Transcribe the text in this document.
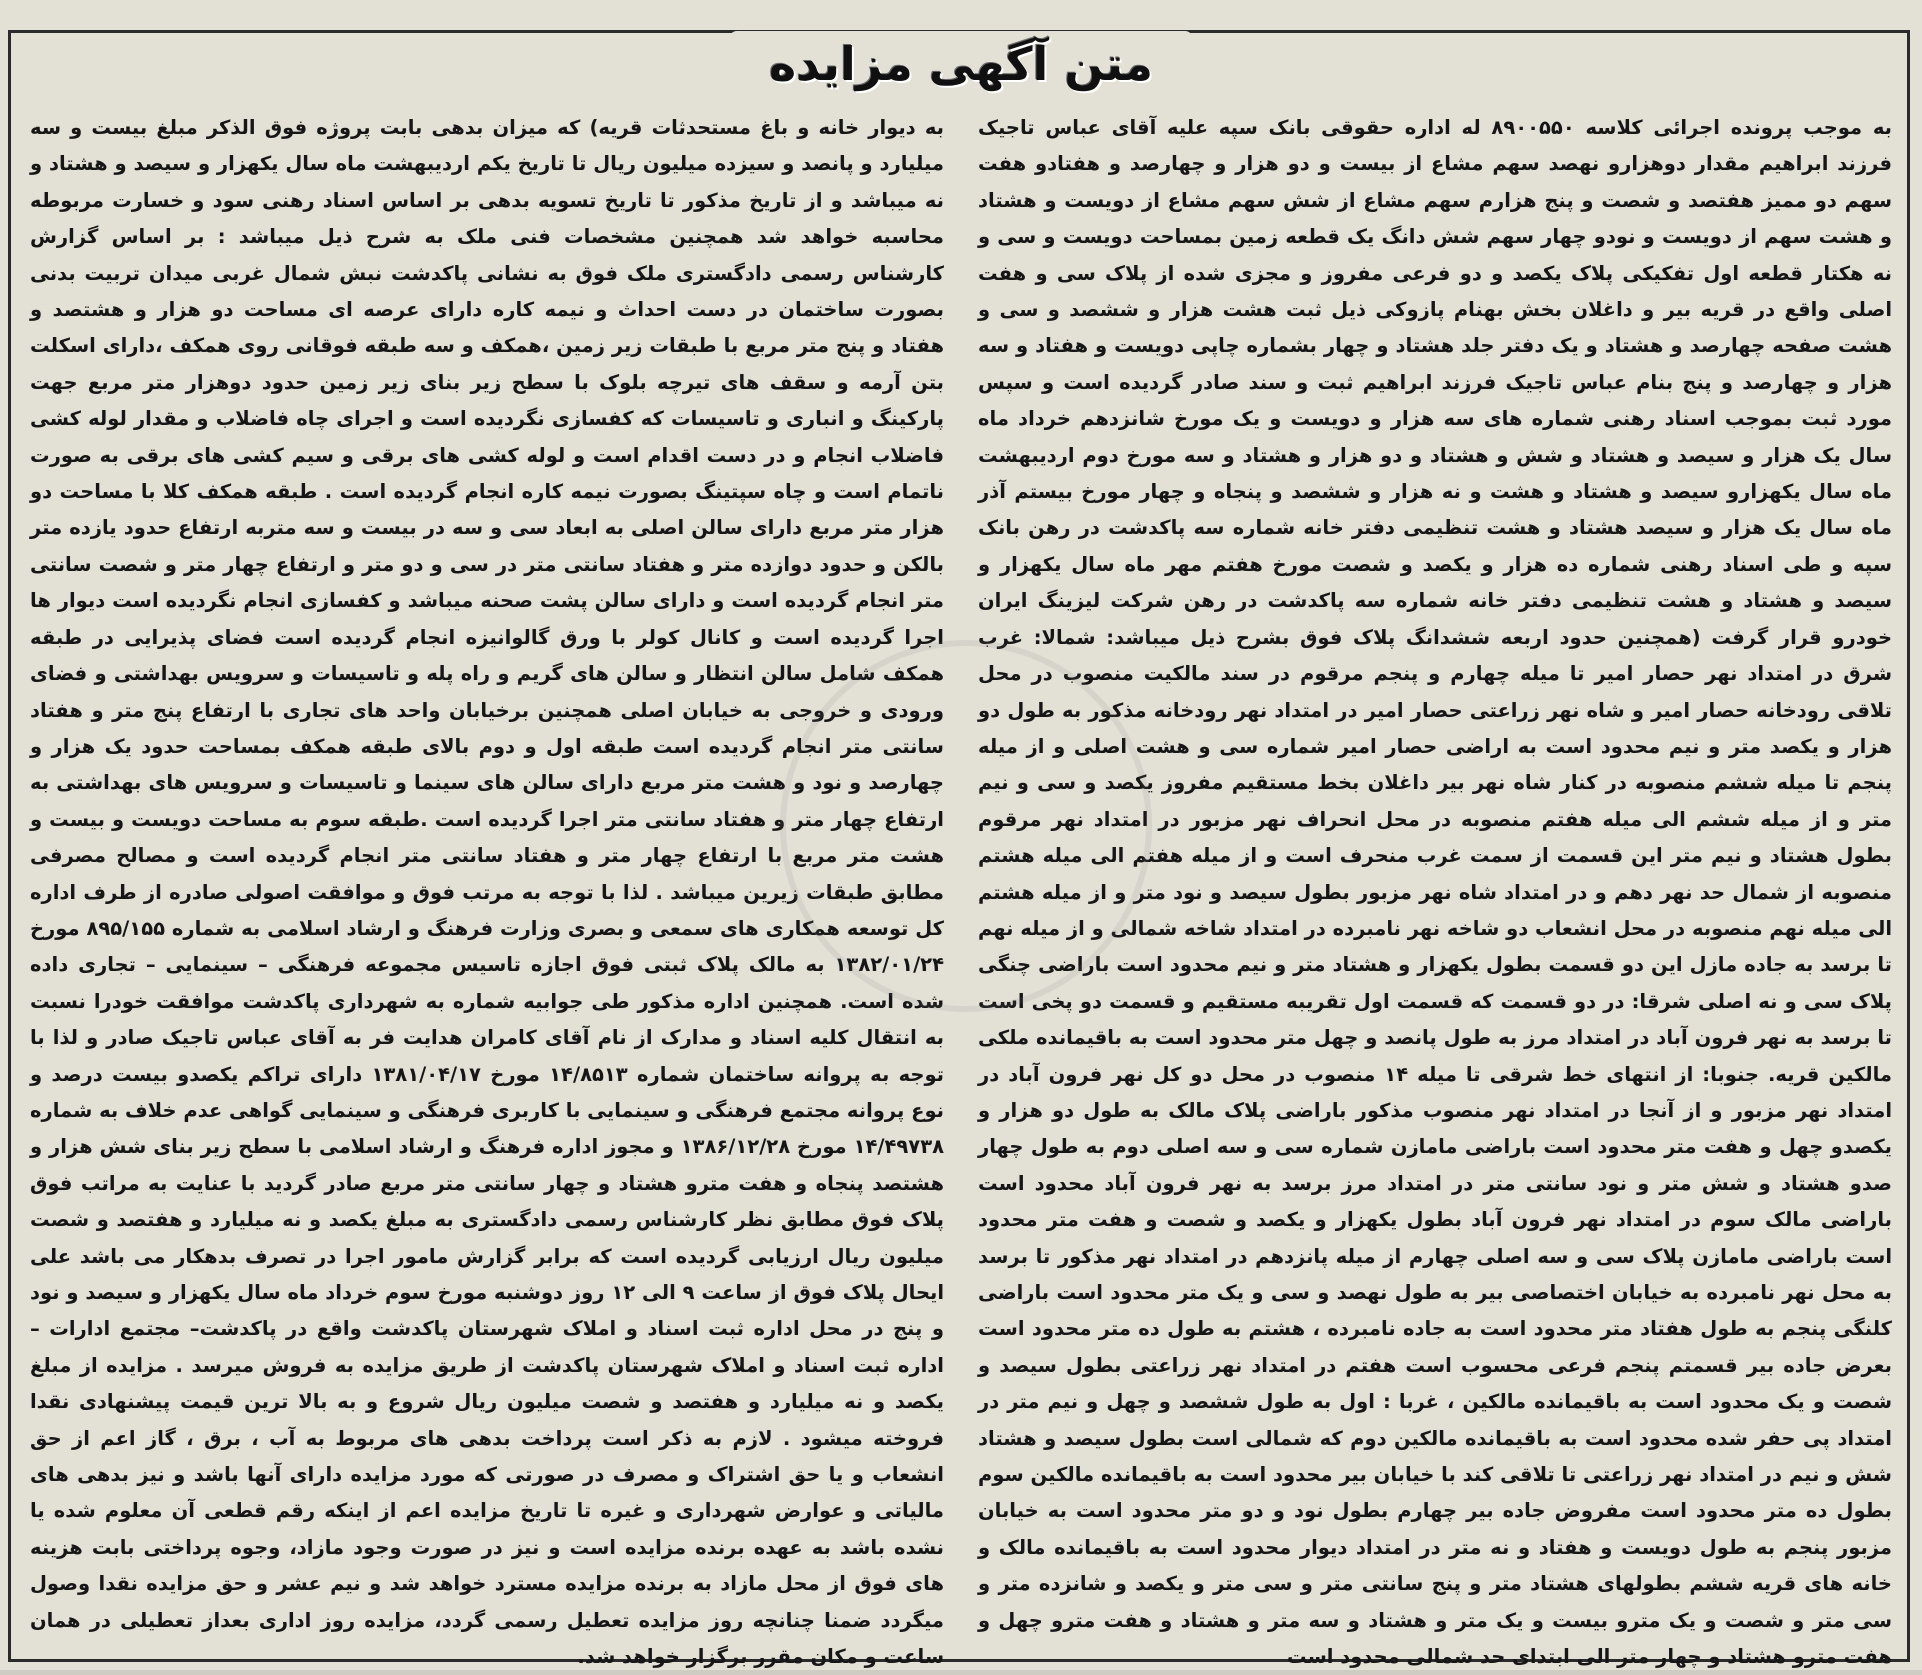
متن آگهی مزایده

به موجب پرونده اجرائی کلاسه ۸۹۰۰۵۵۰ له اداره حقوقی بانک سپه علیه آقای عباس تاجیک فرزند ابراهیم مقدار دوهزارو نهصد سهم مشاع از بیست و دو هزار و چهارصد و هفتادو هفت سهم دو ممیز هفتصد و شصت و پنج هزارم سهم مشاع از شش سهم مشاع از دویست و هشتاد و هشت سهم از دویست و نودو چهار سهم شش دانگ یک قطعه زمین بمساحت دویست و سی و نه هکتار قطعه اول تفکیکی پلاک یکصد و دو فرعی مفروز و مجزی شده از پلاک سی و هفت اصلی واقع در قریه بیر و داغلان بخش بهنام پازوکی ذیل ثبت هشت هزار و ششصد و سی و هشت صفحه چهارصد و هشتاد و یک دفتر جلد هشتاد و چهار بشماره چاپی دویست و هفتاد و سه هزار و چهارصد و پنج بنام عباس تاجیک فرزند ابراهیم ثبت و سند صادر گردیده است و سپس مورد ثبت بموجب اسناد رهنی شماره های سه هزار و دویست و یک مورخ شانزدهم خرداد ماه سال یک هزار و سیصد و هشتاد و شش و هشتاد و دو هزار و هشتاد و سه مورخ دوم اردیبهشت ماه سال یکهزارو سیصد و هشتاد و هشت و نه هزار و ششصد و پنجاه و چهار مورخ بیستم آذر ماه سال یک هزار و سیصد هشتاد و هشت تنظیمی دفتر خانه شماره سه پاکدشت در رهن بانک سپه و طی اسناد رهنی شماره ده هزار و یکصد و شصت مورخ هفتم مهر ماه سال یکهزار و سیصد و هشتاد و هشت تنظیمی دفتر خانه شماره سه پاکدشت در رهن شرکت لیزینگ ایران خودرو قرار گرفت (همچنین حدود اربعه ششدانگ پلاک فوق بشرح ذیل میباشد: شمالا: غرب شرق در امتداد نهر حصار امیر تا میله چهارم و پنجم مرقوم در سند مالکیت منصوب در محل تلاقی رودخانه حصار امیر و شاه نهر زراعتی حصار امیر در امتداد نهر رودخانه مذکور به طول دو هزار و یکصد متر و نیم محدود است به اراضی حصار امیر شماره سی و هشت اصلی و از میله پنجم تا میله ششم منصوبه در کنار شاه نهر بیر داغلان بخط مستقیم مفروز یکصد و سی و نیم متر و از میله ششم الی میله هفتم منصوبه در محل انحراف نهر مزبور در امتداد نهر مرقوم بطول هشتاد و نیم متر این قسمت از سمت غرب منحرف است و از میله هفتم الی میله هشتم منصوبه از شمال حد نهر دهم و در امتداد شاه نهر مزبور بطول سیصد و نود متر و از میله هشتم الی میله نهم منصوبه در محل انشعاب دو شاخه نهر نامبرده در امتداد شاخه شمالی و از میله نهم تا برسد به جاده مازل این دو قسمت بطول یکهزار و هشتاد متر و نیم محدود است باراضی چنگی پلاک سی و نه اصلی شرقا: در دو قسمت که قسمت اول تقریبه مستقیم و قسمت دو پخی است تا برسد به نهر فرون آباد در امتداد مرز به طول پانصد و چهل متر محدود است به باقیمانده ملکی مالکین قریه. جنوبا: از انتهای خط شرقی تا میله ۱۴ منصوب در محل دو کل نهر فرون آباد در امتداد نهر مزبور و از آنجا در امتداد نهر منصوب مذکور باراضی پلاک مالک به طول دو هزار و یکصدو چهل و هفت متر محدود است باراضی مامازن شماره سی و سه اصلی دوم به طول چهار صدو هشتاد و شش متر و نود سانتی متر در امتداد مرز برسد به نهر فرون آباد محدود است باراضی مالک سوم در امتداد نهر فرون آباد بطول یکهزار و یکصد و شصت و هفت متر محدود است باراضی مامازن پلاک سی و سه اصلی چهارم از میله پانزدهم در امتداد نهر مذکور تا برسد به محل نهر نامبرده به خیابان اختصاصی بیر به طول نهصد و سی و یک متر محدود است باراضی کلنگی پنجم به طول هفتاد متر محدود است به جاده نامبرده ، هشتم به طول ده متر محدود است بعرض جاده بیر قسمتم پنجم فرعی محسوب است هفتم در امتداد نهر زراعتی بطول سیصد و شصت و یک محدود است به باقیمانده مالکین ، غربا : اول به طول ششصد و چهل و نیم متر در امتداد پی حفر شده محدود است به باقیمانده مالکین دوم که شمالی است بطول سیصد و هشتاد شش و نیم در امتداد نهر زراعتی تا تلاقی کند با خیابان بیر محدود است به باقیمانده مالکین سوم بطول ده متر محدود است مفروض جاده بیر چهارم بطول نود و دو متر محدود است به خیابان مزبور پنجم به طول دویست و هفتاد و نه متر در امتداد دیوار محدود است به باقیمانده مالک و خانه های قریه ششم بطولهای هشتاد متر و پنج سانتی متر و سی متر و یکصد و شانزده متر و سی متر و شصت و یک مترو بیست و یک متر و هشتاد و سه متر و هشتاد و هفت مترو چهل و هفت مترو هشتاد و چهار متر الی ابتدای حد شمالی محدود است

به دیوار خانه و باغ مستحدثات قریه) که میزان بدهی بابت پروژه فوق الذکر مبلغ بیست و سه میلیارد و پانصد و سیزده میلیون ریال تا تاریخ یکم اردیبهشت ماه سال یکهزار و سیصد و هشتاد و نه میباشد و از تاریخ مذکور تا تاریخ تسویه بدهی بر اساس اسناد رهنی سود و خسارت مربوطه محاسبه خواهد شد همچنین مشخصات فنی ملک به شرح ذیل میباشد : بر اساس گزارش کارشناس رسمی دادگستری ملک فوق به نشانی پاکدشت نبش شمال غربی میدان تربیت بدنی بصورت ساختمان در دست احداث و نیمه کاره دارای عرصه ای مساحت دو هزار و هشتصد و هفتاد و پنج متر مربع با طبقات زیر زمین ،همکف و سه طبقه فوقانی روی همکف ،دارای اسکلت بتن آرمه و سقف های تیرچه بلوک با سطح زیر بنای زیر زمین حدود دوهزار متر مربع جهت پارکینگ و انباری و تاسیسات که کفسازی نگردیده است و اجرای چاه فاضلاب و مقدار لوله کشی فاضلاب انجام و در دست اقدام است و لوله کشی های برقی و سیم کشی های برقی به صورت ناتمام است و چاه سپتینگ بصورت نیمه کاره انجام گردیده است . طبقه همکف کلا با مساحت دو هزار متر مربع دارای سالن اصلی به ابعاد سی و سه در بیست و سه متربه ارتفاع حدود یازده متر بالکن و حدود دوازده متر و هفتاد سانتی متر در سی و دو متر و ارتفاع چهار متر و شصت سانتی متر انجام گردیده است و دارای سالن پشت صحنه میباشد و کفسازی انجام نگردیده است دیوار ها اجرا گردیده است و کانال کولر با ورق گالوانیزه انجام گردیده است فضای پذیرایی در طبقه همکف شامل سالن انتظار و سالن های گریم و راه پله و تاسیسات و سرویس بهداشتی و فضای ورودی و خروجی به خیابان اصلی همچنین برخیابان واحد های تجاری با ارتفاع پنج متر و هفتاد سانتی متر انجام گردیده است طبقه اول و دوم بالای طبقه همکف بمساحت حدود یک هزار و چهارصد و نود و هشت متر مربع دارای سالن های سینما و تاسیسات و سرویس های بهداشتی به ارتفاع چهار متر و هفتاد سانتی متر اجرا گردیده است .طبقه سوم به مساحت دویست و بیست و هشت متر مربع با ارتفاع چهار متر و هفتاد سانتی متر انجام گردیده است و مصالح مصرفی مطابق طبقات زیرین میباشد . لذا با توجه به مرتب فوق و موافقت اصولی صادره از طرف اداره کل توسعه همکاری های سمعی و بصری وزارت فرهنگ و ارشاد اسلامی به شماره ۸۹۵/۱۵۵ مورخ ۱۳۸۲/۰۱/۲۴ به مالک پلاک ثبتی فوق اجازه تاسیس مجموعه فرهنگی – سینمایی – تجاری داده شده است. همچنین اداره مذکور طی جوابیه شماره به شهرداری پاکدشت موافقت خودرا نسبت به انتقال کلیه اسناد و مدارک از نام آقای کامران هدایت فر به آقای عباس تاجیک صادر و لذا با توجه به پروانه ساختمان شماره ۱۴/۸۵۱۳ مورخ ۱۳۸۱/۰۴/۱۷ دارای تراکم یکصدو بیست درصد و نوع پروانه مجتمع فرهنگی و سینمایی با کاربری فرهنگی و سینمایی گواهی عدم خلاف به شماره ۱۴/۴۹۷۳۸ مورخ ۱۳۸۶/۱۲/۲۸ و مجوز اداره فرهنگ و ارشاد اسلامی با سطح زیر بنای شش هزار و هشتصد پنجاه و هفت مترو هشتاد و چهار سانتی متر مربع صادر گردید با عنایت به مراتب فوق پلاک فوق مطابق نظر کارشناس رسمی دادگستری به مبلغ یکصد و نه میلیارد و هفتصد و شصت میلیون ریال ارزیابی گردیده است که برابر گزارش مامور اجرا در تصرف بدهکار می باشد علی ایحال پلاک فوق از ساعت ۹ الی ۱۲ روز دوشنبه مورخ سوم خرداد ماه سال یکهزار و سیصد و نود و پنج در محل اداره ثبت اسناد و املاک شهرستان پاکدشت واقع در پاکدشت– مجتمع ادارات – اداره ثبت اسناد و املاک شهرستان پاکدشت از طریق مزایده به فروش میرسد . مزایده از مبلغ یکصد و نه میلیارد و هفتصد و شصت میلیون ریال شروع و به بالا ترین قیمت پیشنهادی نقدا فروخته میشود . لازم به ذکر است پرداخت بدهی های مربوط به آب ، برق ، گاز اعم از حق انشعاب و یا حق اشتراک و مصرف در صورتی که مورد مزایده دارای آنها باشد و نیز بدهی های مالیاتی و عوارض شهرداری و غیره تا تاریخ مزایده اعم از اینکه رقم قطعی آن معلوم شده یا نشده باشد به عهده برنده مزایده است و نیز در صورت وجود مازاد، وجوه پرداختی بابت هزینه های فوق از محل مازاد به برنده مزایده مسترد خواهد شد و نیم عشر و حق مزایده نقدا وصول میگردد ضمنا چنانچه روز مزایده تعطیل رسمی گردد، مزایده روز اداری بعداز تعطیلی در همان ساعت و مکان مقرر برگزار خواهد شد.
